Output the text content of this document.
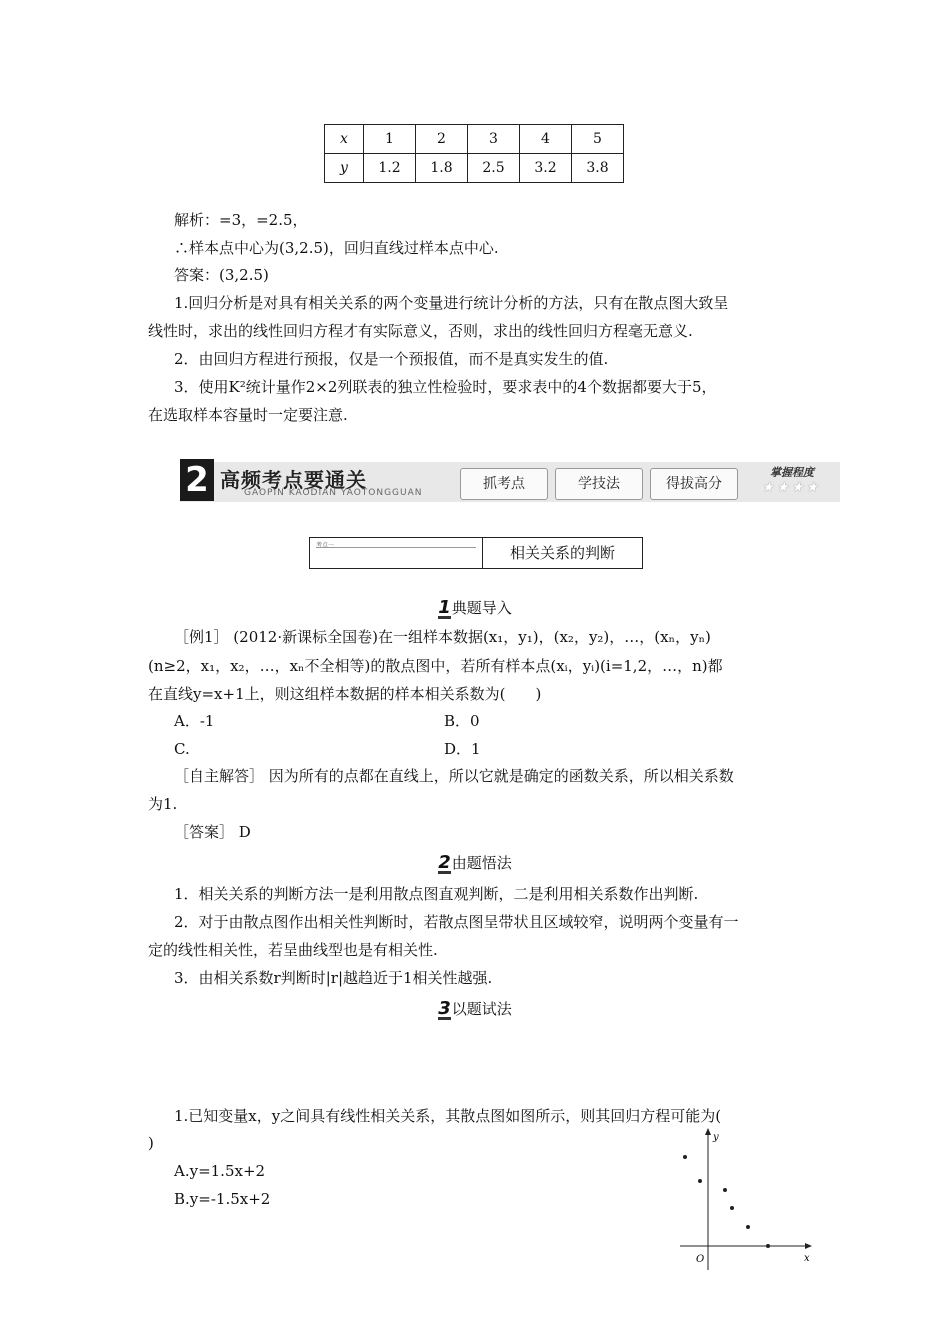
x	1	2	3	4	5
y	1.2	1.8	2.5	3.2	3.8
解析：=3，=2.5，
∴样本点中心为(3,2.5)，回归直线过样本点中心.
答案：(3,2.5)
1.回归分析是对具有相关关系的两个变量进行统计分析的方法，只有在散点图大致呈
线性时，求出的线性回归方程才有实际意义，否则，求出的线性回归方程毫无意义.
2．由回归方程进行预报，仅是一个预报值，而不是真实发生的值.
3．使用K²统计量作2×2列联表的独立性检验时，要求表中的4个数据都要大于5，
在选取样本容量时一定要注意.
2 高频考点要通关
GAOPIN KAODIAN YAOTONGGUAN
抓考点	学技法	得拔高分
掌握程度
★★★★
考点一	相关关系的判断
1典题导入
［例1］ (2012·新课标全国卷)在一组样本数据(x₁，y₁)，(x₂，y₂)，…，(xₙ，yₙ)
(n≥2，x₁，x₂，…，xₙ不全相等)的散点图中，若所有样本点(xᵢ，yᵢ)(i=1,2，…，n)都
在直线y=x+1上，则这组样本数据的样本相关系数为(　　)
A．-1	B．0
C.	D．1
［自主解答］ 因为所有的点都在直线上，所以它就是确定的函数关系，所以相关系数
为1.
［答案］ D
2由题悟法
1．相关关系的判断方法一是利用散点图直观判断，二是利用相关系数作出判断.
2．对于由散点图作出相关性判断时，若散点图呈带状且区域较窄，说明两个变量有一
定的线性相关性，若呈曲线型也是有相关性.
3．由相关系数r判断时|r|越趋近于1相关性越强.
3以题试法
1.已知变量x，y之间具有线性相关关系，其散点图如图所示，则其回归方程可能为(
)
A.y=1.5x+2
B.y=-1.5x+2
y
x
O
